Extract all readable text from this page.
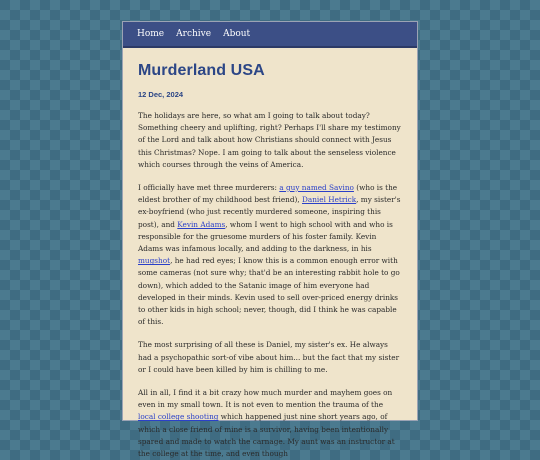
Home Archive About
Murderland USA
12 Dec, 2024

The holidays are here, so what am I going to talk about today? Something cheery and uplifting, right? Perhaps I'll share my testimony of the Lord and talk about how Christians should connect with Jesus this Christmas? Nope. I am going to talk about the senseless violence which courses through the veins of America.

I officially have met three murderers: a guy named Savino (who is the eldest brother of my childhood best friend), Daniel Hetrick, my sister's ex-boyfriend (who just recently murdered someone, inspiring this post), and Kevin Adams, whom I went to high school with and who is responsible for the gruesome murders of his foster family. Kevin Adams was infamous locally, and adding to the darkness, in his mugshot, he had red eyes; I know this is a common enough error with some cameras (not sure why; that'd be an interesting rabbit hole to go down), which added to the Satanic image of him everyone had developed in their minds. Kevin used to sell over-priced energy drinks to other kids in high school; never, though, did I think he was capable of this.

The most surprising of all these is Daniel, my sister's ex. He always had a psychopathic sort-of vibe about him... but the fact that my sister or I could have been killed by him is chilling to me.

All in all, I find it a bit crazy how much murder and mayhem goes on even in my small town. It is not even to mention the trauma of the local college shooting which happened just nine short years ago, of which a close friend of mine is a survivor, having been intentionally spared and made to watch the carnage. My aunt was an instructor at the college at the time, and even though
